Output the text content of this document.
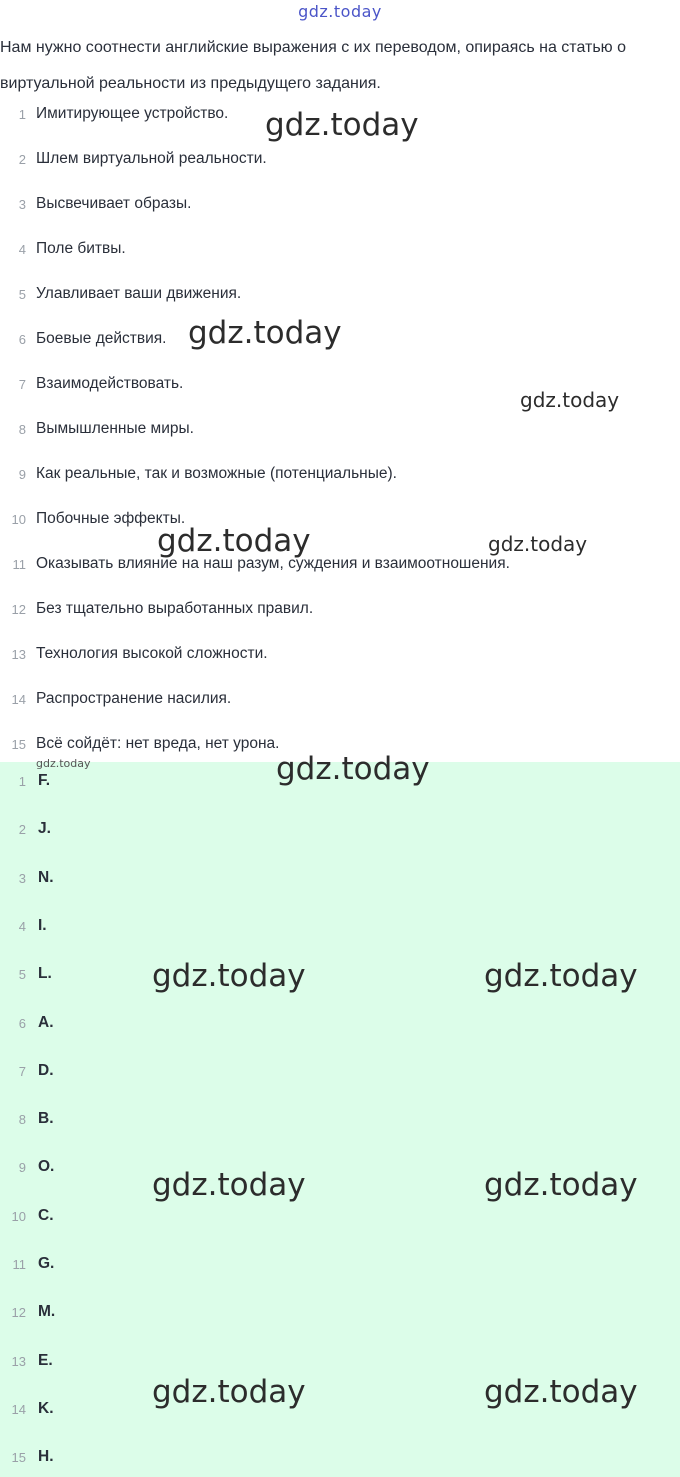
gdz.today
Нам нужно соотнести английские выражения с их переводом, опираясь на статью о виртуальной реальности из предыдущего задания.
1 Имитирующее устройство.
2 Шлем виртуальной реальности.
3 Высвечивает образы.
4 Поле битвы.
5 Улавливает ваши движения.
6 Боевые действия.
7 Взаимодействовать.
8 Вымышленные миры.
9 Как реальные, так и возможные (потенциальные).
10 Побочные эффекты.
11 Оказывать влияние на наш разум, суждения и взаимоотношения.
12 Без тщательно выработанных правил.
13 Технология высокой сложности.
14 Распространение насилия.
15 Всё сойдёт: нет вреда, нет урона.
1 F.
2 J.
3 N.
4 I.
5 L.
6 A.
7 D.
8 B.
9 O.
10 C.
11 G.
12 M.
13 E.
14 K.
15 H.
gdz.today
gdz.today
gdz.today
gdz.today	gdz.today
gdz.today	gdz.today
gdz.today	gdz.today
gdz.today	gdz.today
gdz.today	gdz.today
